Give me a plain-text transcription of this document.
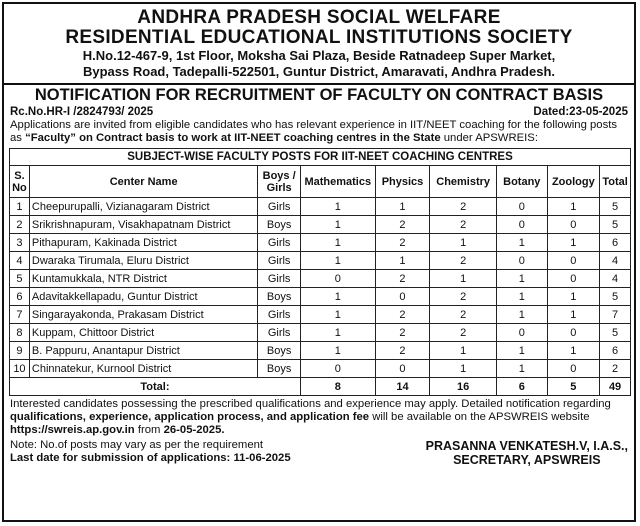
ANDHRA PRADESH SOCIAL WELFARE
RESIDENTIAL EDUCATIONAL INSTITUTIONS SOCIETY
H.No.12-467-9, 1st Floor, Moksha Sai Plaza, Beside Ratnadeep Super Market,
Bypass Road, Tadepalli-522501, Guntur District, Amaravati, Andhra Pradesh.
NOTIFICATION FOR RECRUITMENT OF FACULTY ON CONTRACT BASIS
Rc.No.HR-I /2824793/ 2025	Dated:23-05-2025
Applications are invited from eligible candidates who has relevant experience in IIT/NEET coaching for the following posts as “Faculty” on Contract basis to work at IIT-NEET coaching centres in the State under APSWREIS:
SUBJECT-WISE FACULTY POSTS FOR IIT-NEET COACHING CENTRES								
S. No	Center Name	Boys / Girls	Mathematics	Physics	Chemistry	Botany	Zoology	Total
1	Cheepurupalli, Vizianagaram District	Girls	1	1	2	0	1	5
2	Srikrishnapuram, Visakhapatnam District	Boys	1	2	2	0	0	5
3	Pithapuram, Kakinada District	Girls	1	2	1	1	1	6
4	Dwaraka Tirumala, Eluru District	Girls	1	1	2	0	0	4
5	Kuntamukkala, NTR District	Girls	0	2	1	1	0	4
6	Adavitakkellapadu, Guntur District	Boys	1	0	2	1	1	5
7	Singarayakonda, Prakasam District	Girls	1	2	2	1	1	7
8	Kuppam, Chittoor District	Girls	1	2	2	0	0	5
9	B. Pappuru, Anantapur District	Boys	1	2	1	1	1	6
10	Chinnatekur, Kurnool District	Boys	0	0	1	1	0	2
Total:			8	14	16	6	5	49
Interested candidates possessing the prescribed qualifications and experience may apply. Detailed notification regarding qualifications, experience, application process, and application fee will be available on the APSWREIS website https://swreis.ap.gov.in from 26-05-2025.
Note: No.of posts may vary as per the requirement
Last date for submission of applications: 11-06-2025
PRASANNA VENKATESH.V, I.A.S.,
SECRETARY, APSWREIS
